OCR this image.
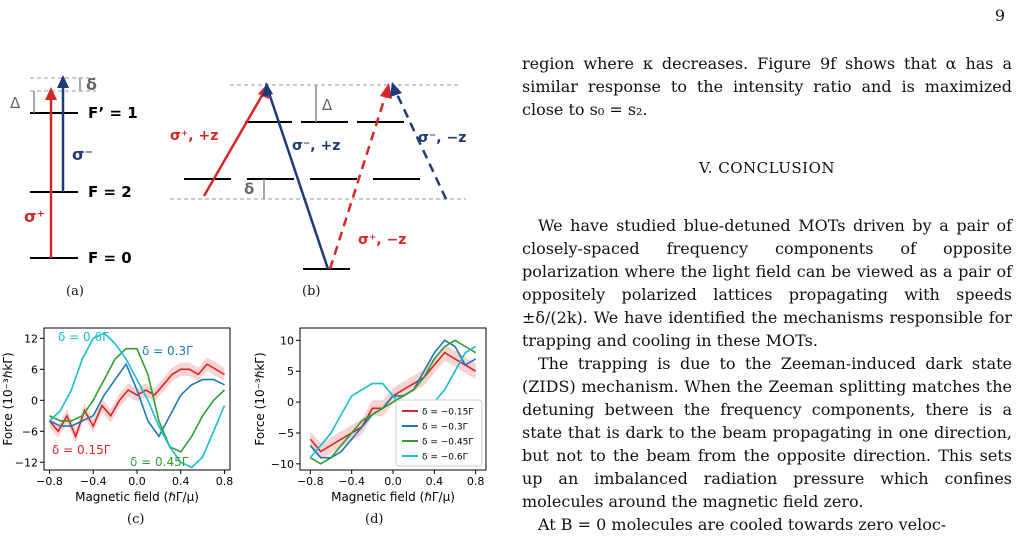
9
δ
Δ
F’ = 1
F = 2
F = 0
σ⁺
σ⁻
(a)
Δ
δ
σ⁺, +z
σ⁻, +z	σ⁻, −z
σ⁺, −z
(b)
−0.8 −0.4 0.0 0.4 0.8
12
6
0
−6
−12
δ = 0.6Γ
δ = 0.3Γ
δ = 0.15Γ
δ = 0.45Γ
Magnetic field (ℏΓ/μ)
Force (10⁻³ℏkΓ)
(c)
−0.8 −0.4 0.0 0.4 0.8
10
5
0
−5
−10
δ = −0.15Γ
δ = −0.3Γ
δ = −0.45Γ
δ = −0.6Γ
Magnetic field (ℏΓ/μ)
Force (10⁻³ℏkΓ)
(d)

region where κ decreases. Figure 9f shows that α has a similar response to the intensity ratio and is maximized close to s₀ = s₂.

V. CONCLUSION

We have studied blue-detuned MOTs driven by a pair of closely-spaced frequency components of opposite polarization where the light field can be viewed as a pair of oppositely polarized lattices propagating with speeds ±δ/(2k). We have identified the mechanisms responsible for trapping and cooling in these MOTs.

The trapping is due to the Zeeman-induced dark state (ZIDS) mechanism. When the Zeeman splitting matches the detuning between the frequency components, there is a state that is dark to the beam propagating in one direction, but not to the beam from the opposite direction. This sets up an imbalanced radiation pressure which confines molecules around the magnetic field zero.

At B = 0 molecules are cooled towards zero veloc-
